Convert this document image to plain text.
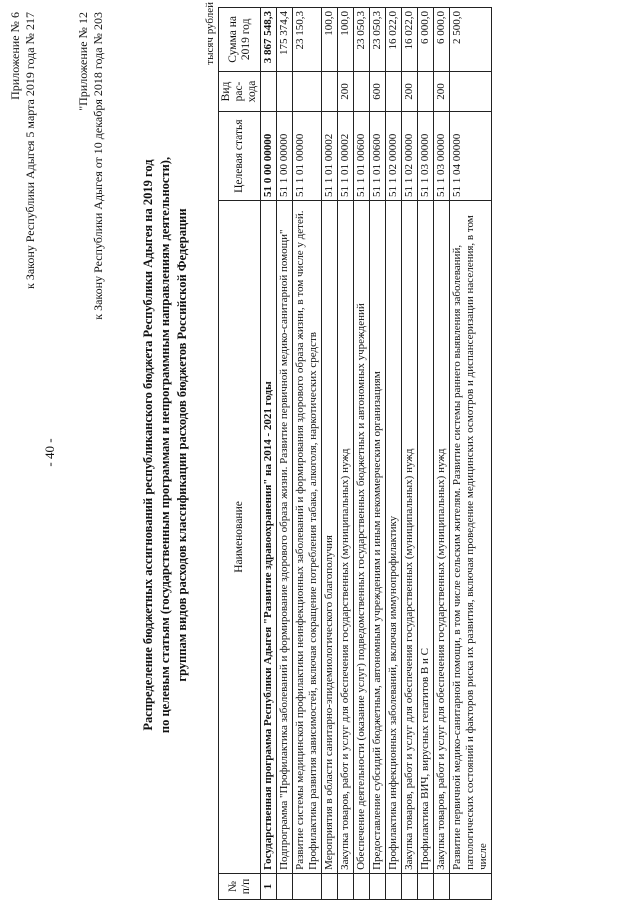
- 40 -
Приложение № 6 к Закону Республики Адыгея 5 марта 2019 года № 217	"Приложение № 12 к Закону Республики Адыгея от 10 декабря 2018 года № 203	Распределение бюджетных ассигнований республиканского бюджета Республики Адыгея на 2019 год по целевым статьям (государственным программам и непрограммным направлениям деятельности), группам видов расходов классификации расходов бюджетов Российской Федерации
тысяч рублей
№ п/п	Наименование	Целевая статья	Вид рас- хода	Сумма на 2019 год
1	Государственная программа Республики Адыгея "Развитие здравоохранения" на 2014 - 2021 годы	51 0 00 00000		3 867 548,3
	Подпрограмма "Профилактика заболеваний и формирование здорового образа жизни. Развитие первичной медико-санитарной помощи"	51 1 00 00000		175 374,4
	Развитие системы медицинской профилактики неинфекционных заболеваний и формирования здорового образа жизни, в том числе у детей. Профилактика развития зависимостей, включая сокращение потребления табака, алкоголя, наркотических средств	51 1 01 00000		23 150,3
	Мероприятия в области санитарно-эпидемиологического благополучия	51 1 01 00002		100,0
	Закупка товаров, работ и услуг для обеспечения государственных (муниципальных) нужд	51 1 01 00002	200	100,0
	Обеспечение деятельности (оказание услуг) подведомственных государственных бюджетных и автономных учреждений	51 1 01 00600		23 050,3
	Предоставление субсидий бюджетным, автономным учреждениям и иным некоммерческим организациям	51 1 01 00600	600	23 050,3
	Профилактика инфекционных заболеваний, включая иммунопрофилактику	51 1 02 00000		16 022,0
	Закупка товаров, работ и услуг для обеспечения государственных (муниципальных) нужд	51 1 02 00000	200	16 022,0
	Профилактика ВИЧ, вирусных гепатитов В и С	51 1 03 00000		6 000,0
	Закупка товаров, работ и услуг для обеспечения государственных (муниципальных) нужд	51 1 03 00000	200	6 000,0
	Развитие первичной медико-санитарной помощи, в том числе сельским жителям. Развитие системы раннего выявления заболеваний, патологических состояний и факторов риска их развития, включая проведение медицинских осмотров и диспансеризации населения, в том числе	51 1 04 00000		2 500,0
